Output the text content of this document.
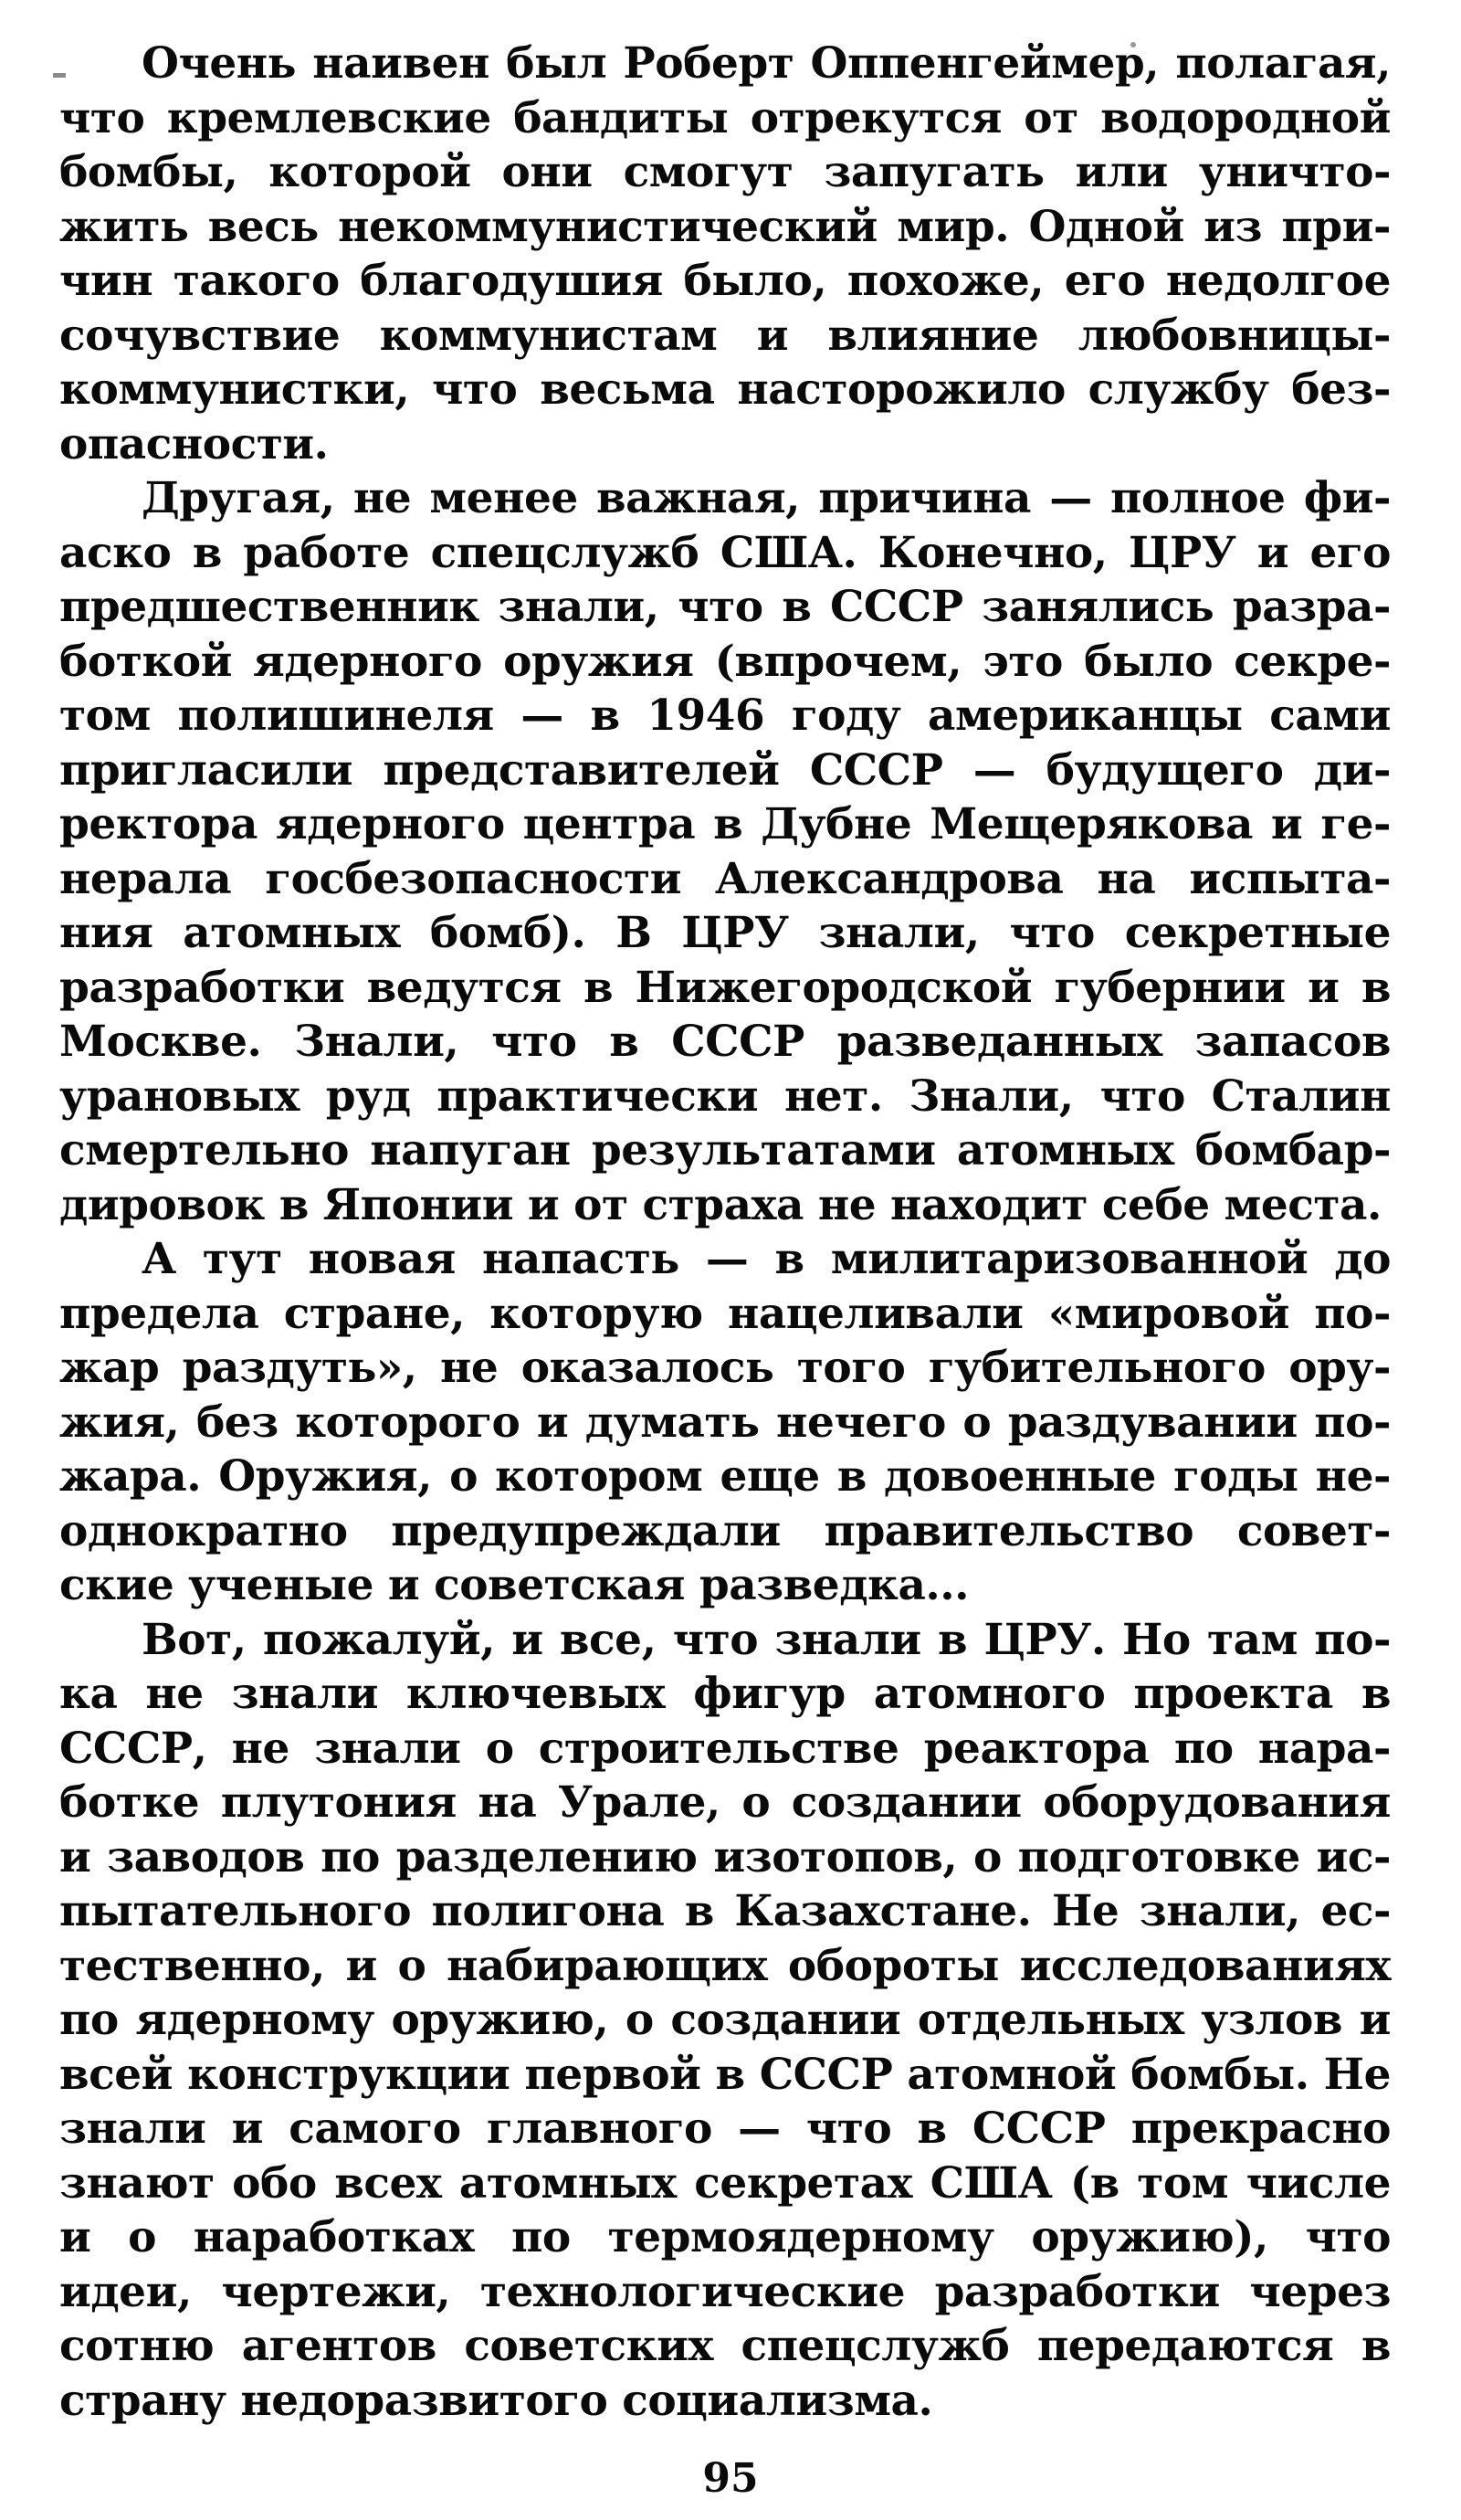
Очень наивен был Роберт Оппенгеймер, полагая,
что кремлевские бандиты отрекутся от водородной
бомбы, которой они смогут запугать или уничто-
жить весь некоммунистический мир. Одной из при-
чин такого благодушия было, похоже, его недолгое
сочувствие коммунистам и влияние любовницы-
коммунистки, что весьма насторожило службу без-
опасности.
Другая, не менее важная, причина — полное фи-
аско в работе спецслужб США. Конечно, ЦРУ и его
предшественник знали, что в СССР занялись разра-
боткой ядерного оружия (впрочем, это было секре-
том полишинеля — в 1946 году американцы сами
пригласили представителей СССР — будущего ди-
ректора ядерного центра в Дубне Мещерякова и ге-
нерала госбезопасности Александрова на испыта-
ния атомных бомб). В ЦРУ знали, что секретные
разработки ведутся в Нижегородской губернии и в
Москве. Знали, что в СССР разведанных запасов
урановых руд практически нет. Знали, что Сталин
смертельно напуган результатами атомных бомбар-
дировок в Японии и от страха не находит себе места.
А тут новая напасть — в милитаризованной до
предела стране, которую нацеливали «мировой по-
жар раздуть», не оказалось того губительного ору-
жия, без которого и думать нечего о раздувании по-
жара. Оружия, о котором еще в довоенные годы не-
однократно предупреждали правительство совет-
ские ученые и советская разведка...
Вот, пожалуй, и все, что знали в ЦРУ. Но там по-
ка не знали ключевых фигур атомного проекта в
СССР, не знали о строительстве реактора по нара-
ботке плутония на Урале, о создании оборудования
и заводов по разделению изотопов, о подготовке ис-
пытательного полигона в Казахстане. Не знали, ес-
тественно, и о набирающих обороты исследованиях
по ядерному оружию, о создании отдельных узлов и
всей конструкции первой в СССР атомной бомбы. Не
знали и самого главного — что в СССР прекрасно
знают обо всех атомных секретах США (в том числе
и о наработках по термоядерному оружию), что
идеи, чертежи, технологические разработки через
сотню агентов советских спецслужб передаются в
страну недоразвитого социализма.
95
